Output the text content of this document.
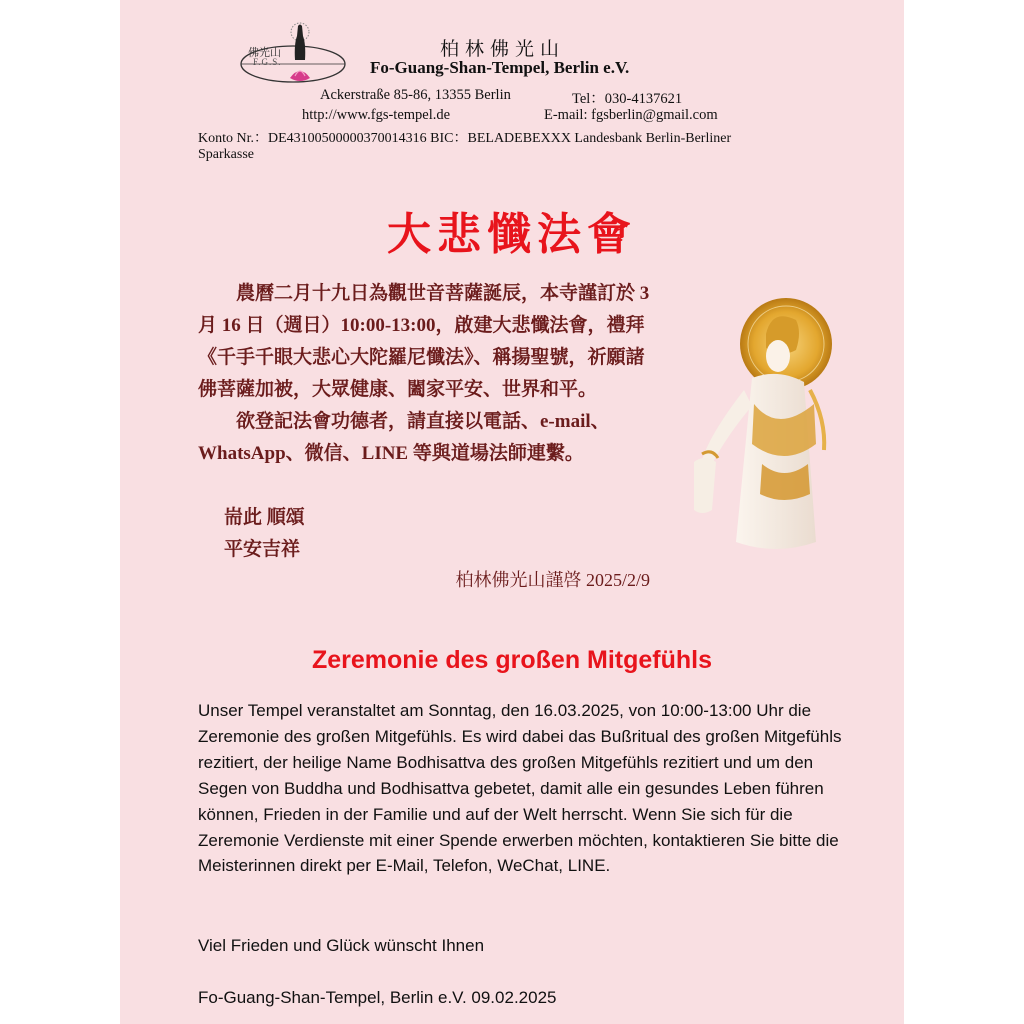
佛光山
F.G.S.
柏林佛光山
Fo-Guang-Shan-Tempel, Berlin e.V.
Ackerstraße 85-86, 13355 Berlin	Tel：030-4137621
http://www.fgs-tempel.de	E-mail: fgsberlin@gmail.com
Konto Nr.：DE43100500000370014316 BIC：BELADEBEXXX Landesbank Berlin-Berliner
Sparkasse
大悲懺法會

農曆二月十九日為觀世音菩薩誕辰，本寺謹訂於 3 月 16 日（週日）10:00-13:00，啟建大悲懺法會，禮拜《千手千眼大悲心大陀羅尼懺法》、稱揚聖號，祈願諸佛菩薩加被，大眾健康、闔家平安、世界和平。

欲登記法會功德者，請直接以電話、e-mail、WhatsApp、微信、LINE 等與道場法師連繫。

耑此 順頌
平安吉祥
柏林佛光山謹啓 2025/2/9
Zeremonie des großen Mitgefühls
Unser Tempel veranstaltet am Sonntag, den 16.03.2025, von 10:00-13:00 Uhr die Zeremonie des großen Mitgefühls. Es wird dabei das Bußritual des großen Mitgefühls rezitiert, der heilige Name Bodhisattva des großen Mitgefühls rezitiert und um den Segen von Buddha und Bodhisattva gebetet, damit alle ein gesundes Leben führen können, Frieden in der Familie und auf der Welt herrscht. Wenn Sie sich für die Zeremonie Verdienste mit einer Spende erwerben möchten, kontaktieren Sie bitte die Meisterinnen direkt per E-Mail, Telefon, WeChat, LINE.
Viel Frieden und Glück wünscht Ihnen
Fo-Guang-Shan-Tempel, Berlin e.V. 09.02.2025
